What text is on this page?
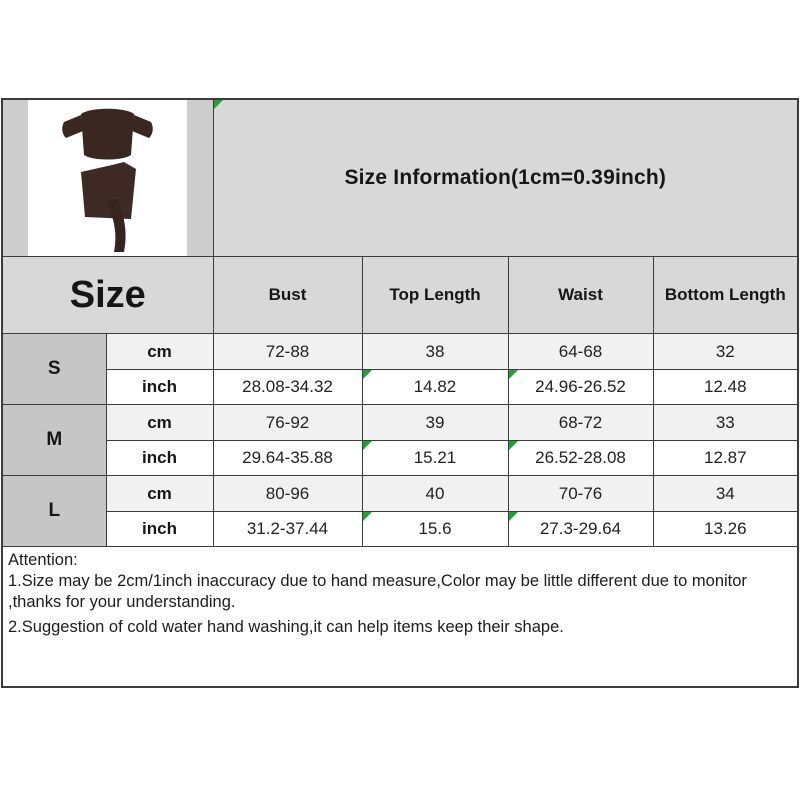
Size Information(1cm=0.39inch)			
Size		Bust	Top Length	Waist	Bottom Length
S	cm	72-88	38	64-68	32
	inch	28.08-34.32	14.82	24.96-26.52	12.48
M	cm	76-92	39	68-72	33
	inch	29.64-35.88	15.21	26.52-28.08	12.87
L	cm	80-96	40	70-76	34
	inch	31.2-37.44	15.6	27.3-29.64	13.26

Attention:
1.Size may be 2cm/1inch inaccuracy due to hand measure,Color may be little different due to monitor
,thanks for your understanding.
2.Suggestion of cold water hand washing,it can help items keep their shape.					
